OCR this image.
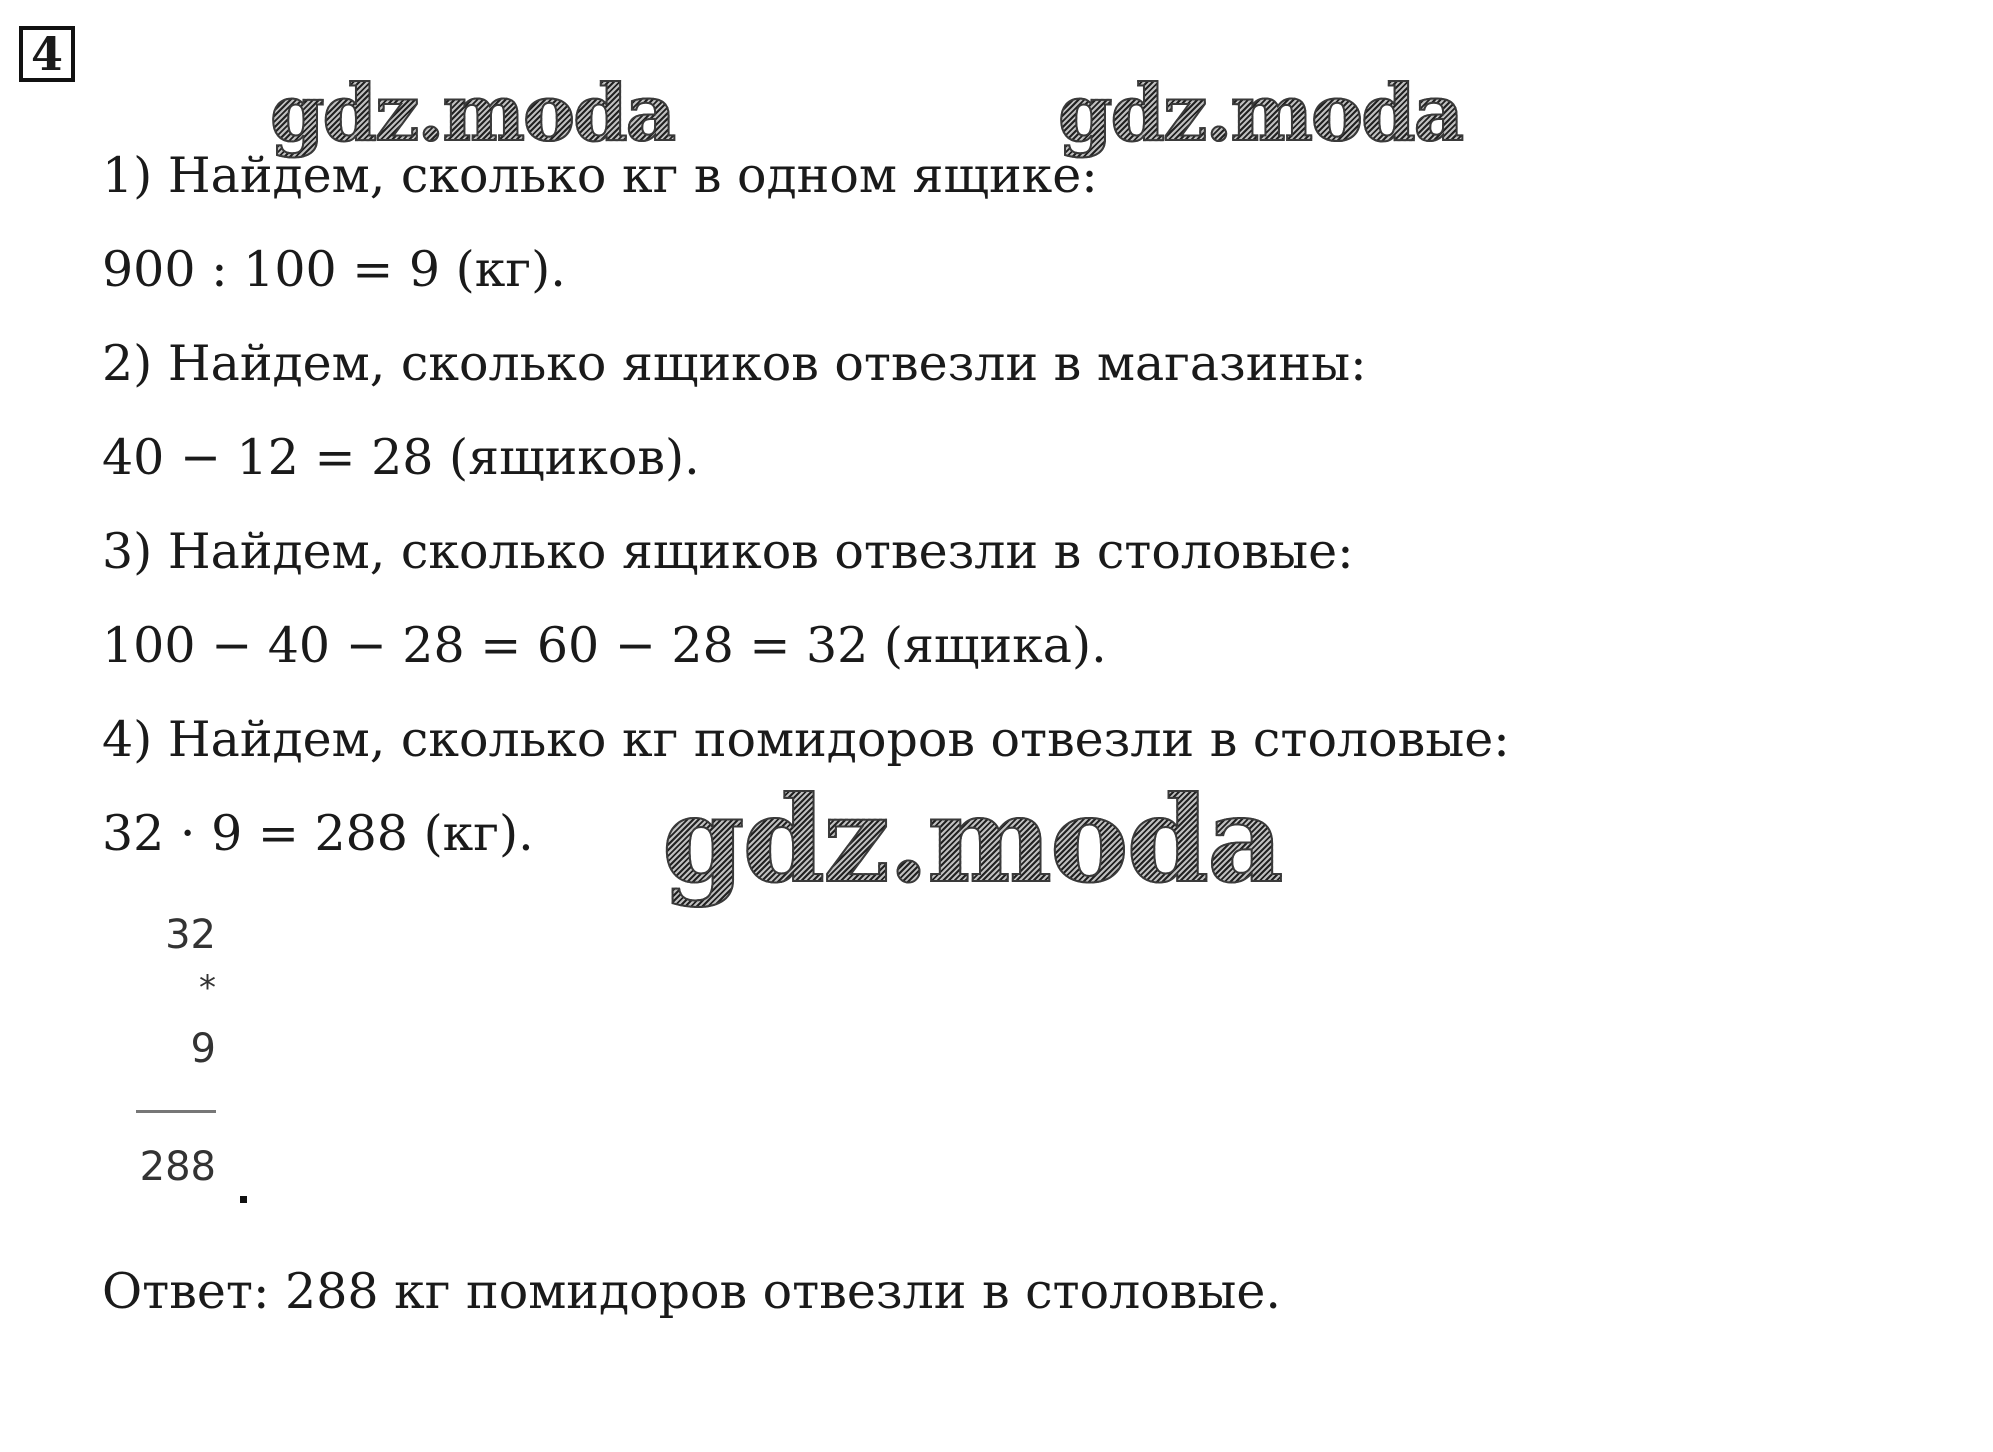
4
gdz.moda	gdz.moda
1) Найдем, сколько кг в одном ящике:
900 : 100 = 9 (кг).
2) Найдем, сколько ящиков отвезли в магазины:
40 − 12 = 28 (ящиков).
3) Найдем, сколько ящиков отвезли в столовые:
100 − 40 − 28 = 60 − 28 = 32 (ящика).
4) Найдем, сколько кг помидоров отвезли в столовые:
32 · 9 = 288 (кг). gdz.moda
32
*
9
288
Ответ: 288 кг помидоров отвезли в столовые.
